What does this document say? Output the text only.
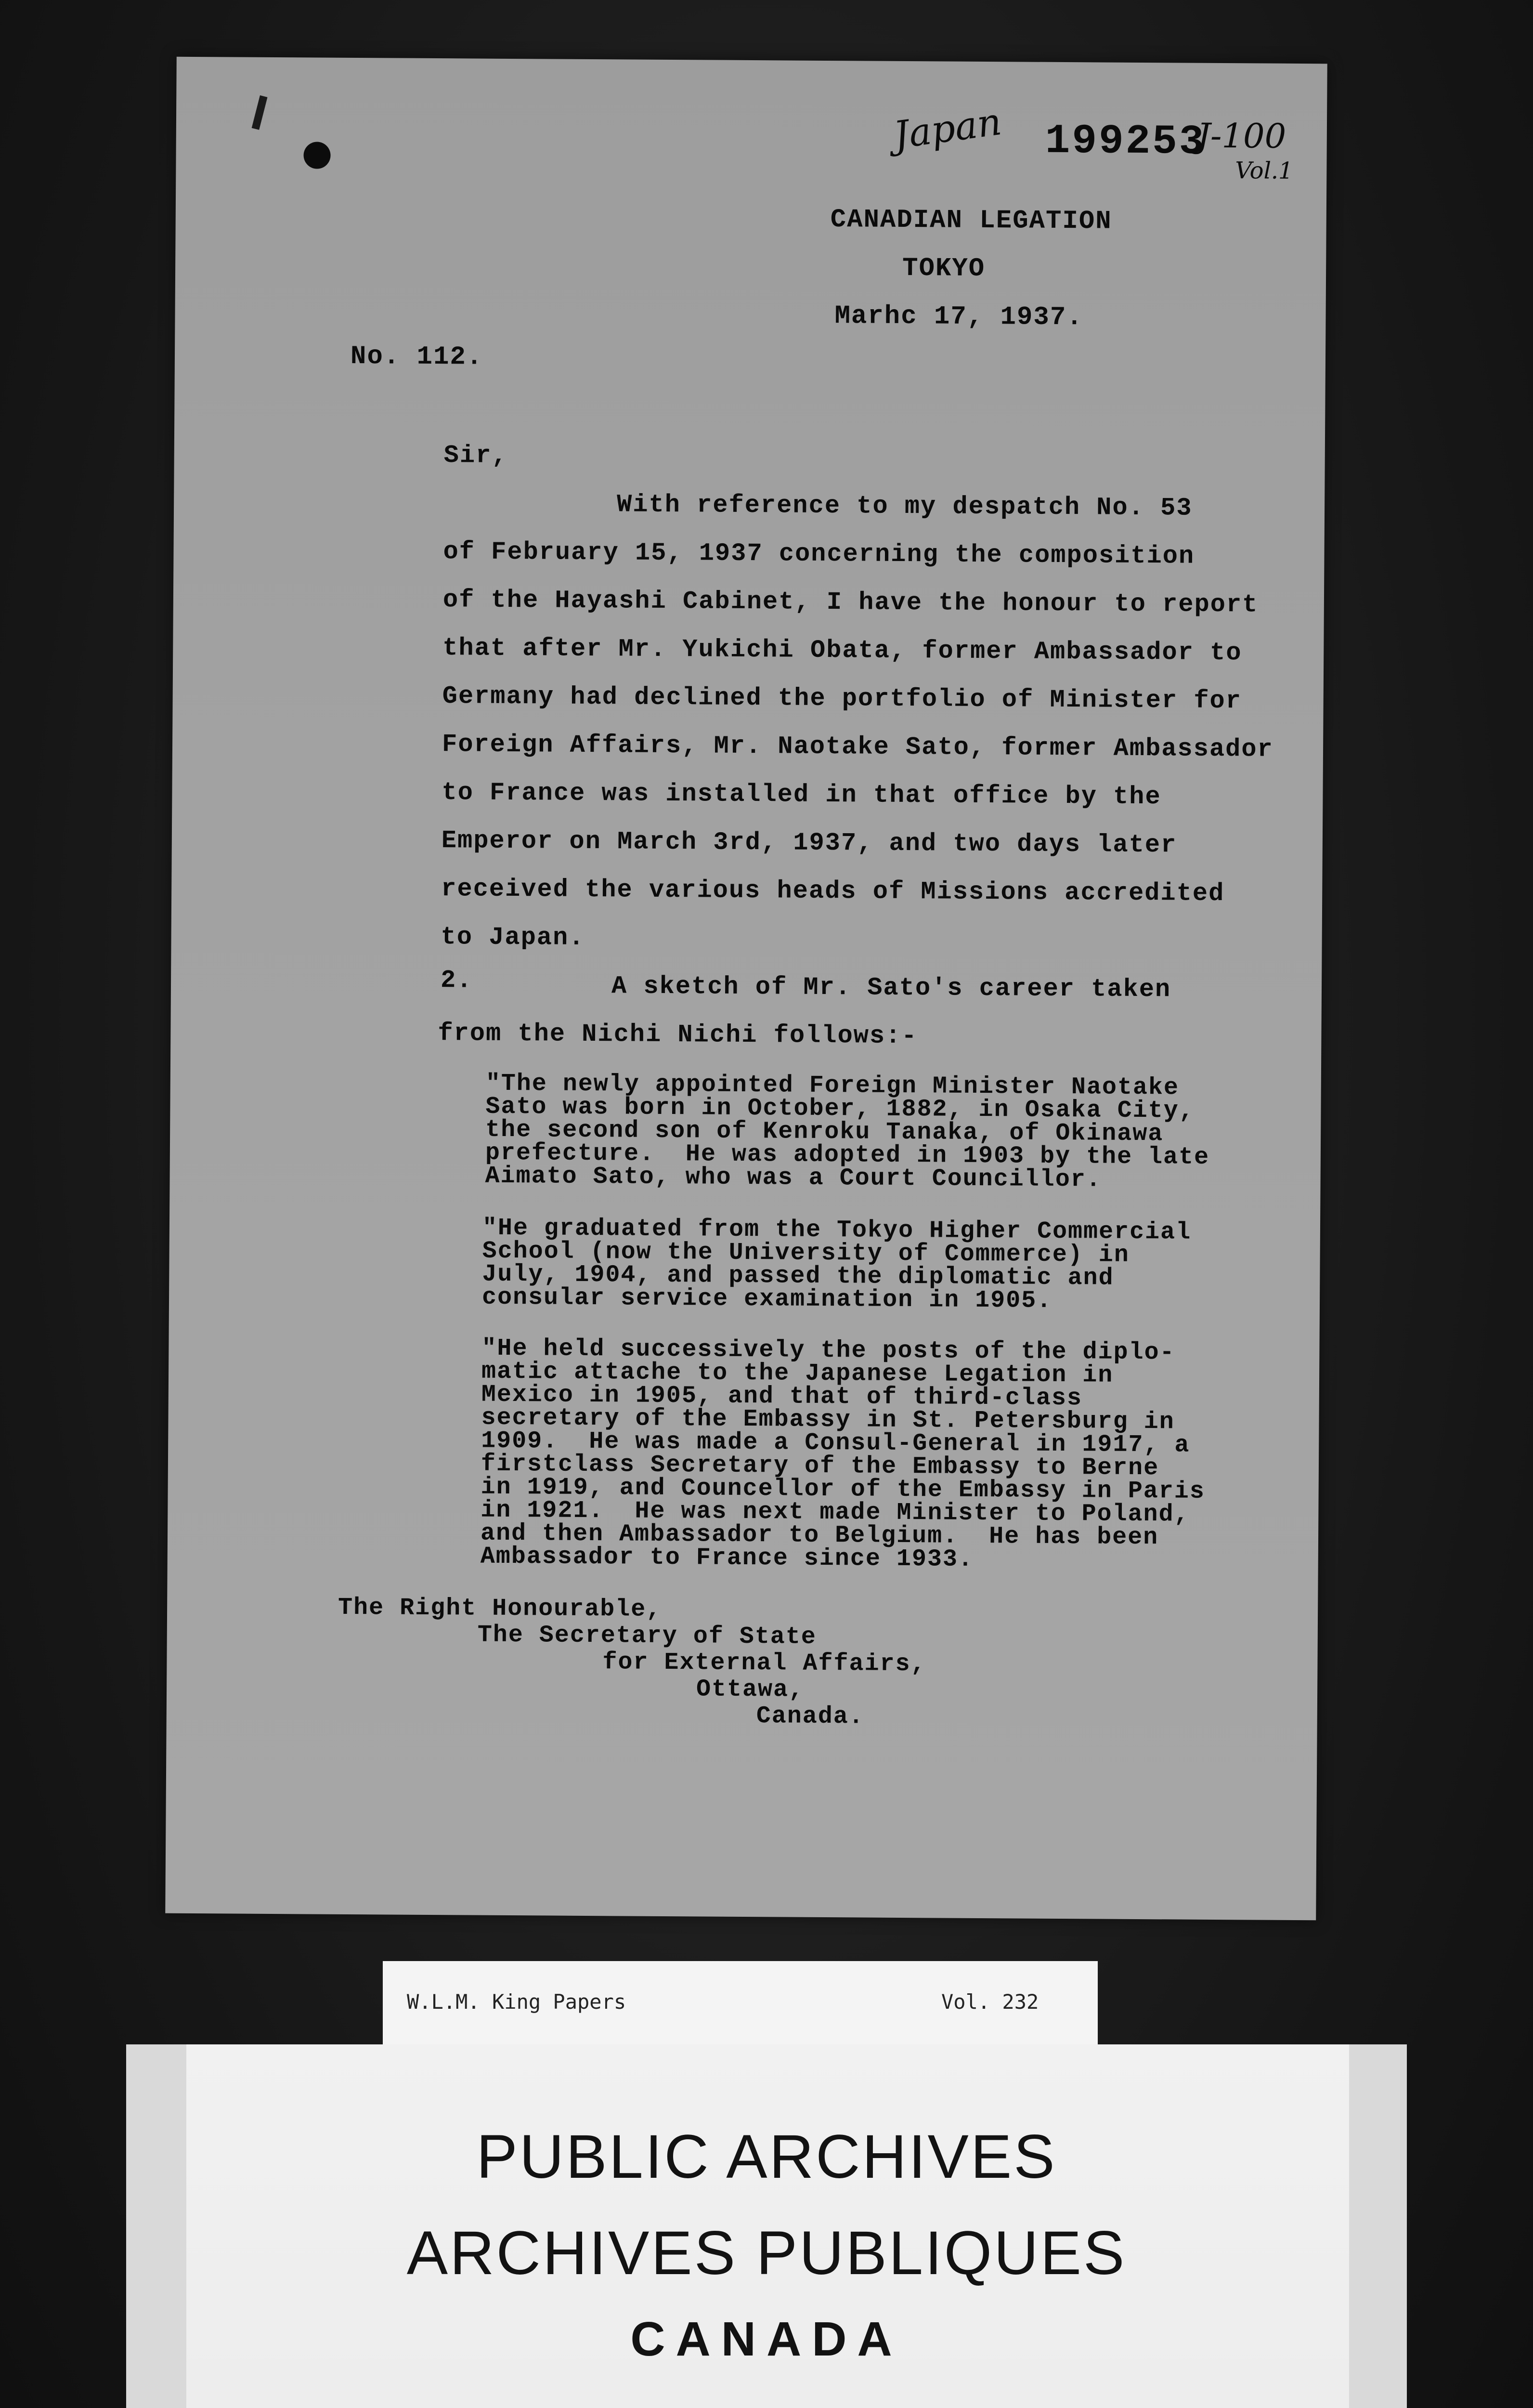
Japan 199253
J-100
Vol.1
CANADIAN LEGATION
TOKYO
Marhc 17, 1937.
No. 112.
Sir,
With reference to my despatch No. 53
of February 15, 1937 concerning the composition
of the Hayashi Cabinet, I have the honour to report
that after Mr. Yukichi Obata, former Ambassador to
Germany had declined the portfolio of Minister for
Foreign Affairs, Mr. Naotake Sato, former Ambassador
to France was installed in that office by the
Emperor on March 3rd, 1937, and two days later
received the various heads of Missions accredited
to Japan.
2.	A sketch of Mr. Sato's career taken
from the Nichi Nichi follows:-
"The newly appointed Foreign Minister Naotake
Sato was born in October, 1882, in Osaka City,
the second son of Kenroku Tanaka, of Okinawa
prefecture.  He was adopted in 1903 by the late
Aimato Sato, who was a Court Councillor.
"He graduated from the Tokyo Higher Commercial
School (now the University of Commerce) in
July, 1904, and passed the diplomatic and
consular service examination in 1905.
"He held successively the posts of the diplo-
matic attache to the Japanese Legation in
Mexico in 1905, and that of third-class
secretary of the Embassy in St. Petersburg in
1909.  He was made a Consul-General in 1917, a
firstclass Secretary of the Embassy to Berne
in 1919, and Councellor of the Embassy in Paris
in 1921.  He was next made Minister to Poland,
and then Ambassador to Belgium.  He has been
Ambassador to France since 1933.
The Right Honourable,
The Secretary of State
for External Affairs,
Ottawa,
Canada.
W.L.M. King Papers	Vol. 232
PUBLIC ARCHIVES
ARCHIVES PUBLIQUES
CANADA
